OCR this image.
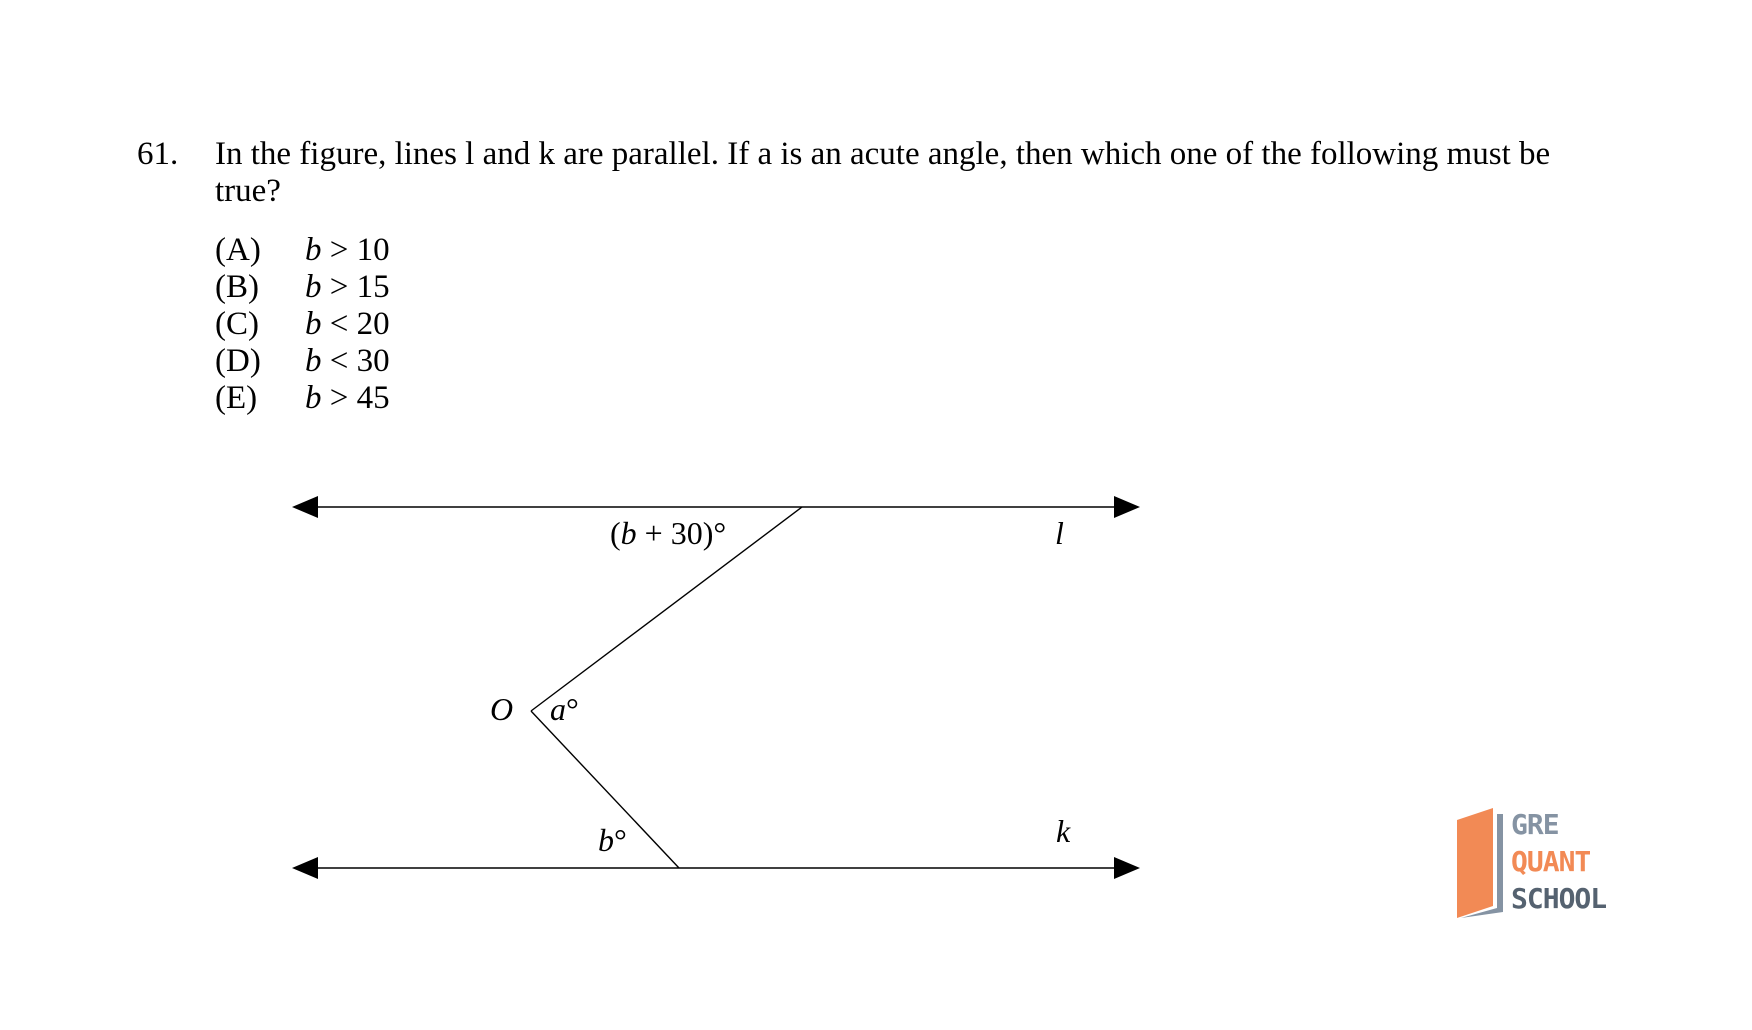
61. In the figure, lines l and k are parallel. If a is an acute angle, then which one of the following must be true?
(A)	b > 10
(B)	b > 15
(C)	b < 20
(D)	b < 30
(E)	b > 45
(b + 30)°	l
k
O a°
b°	GRE
QUANT
SCHOOL
